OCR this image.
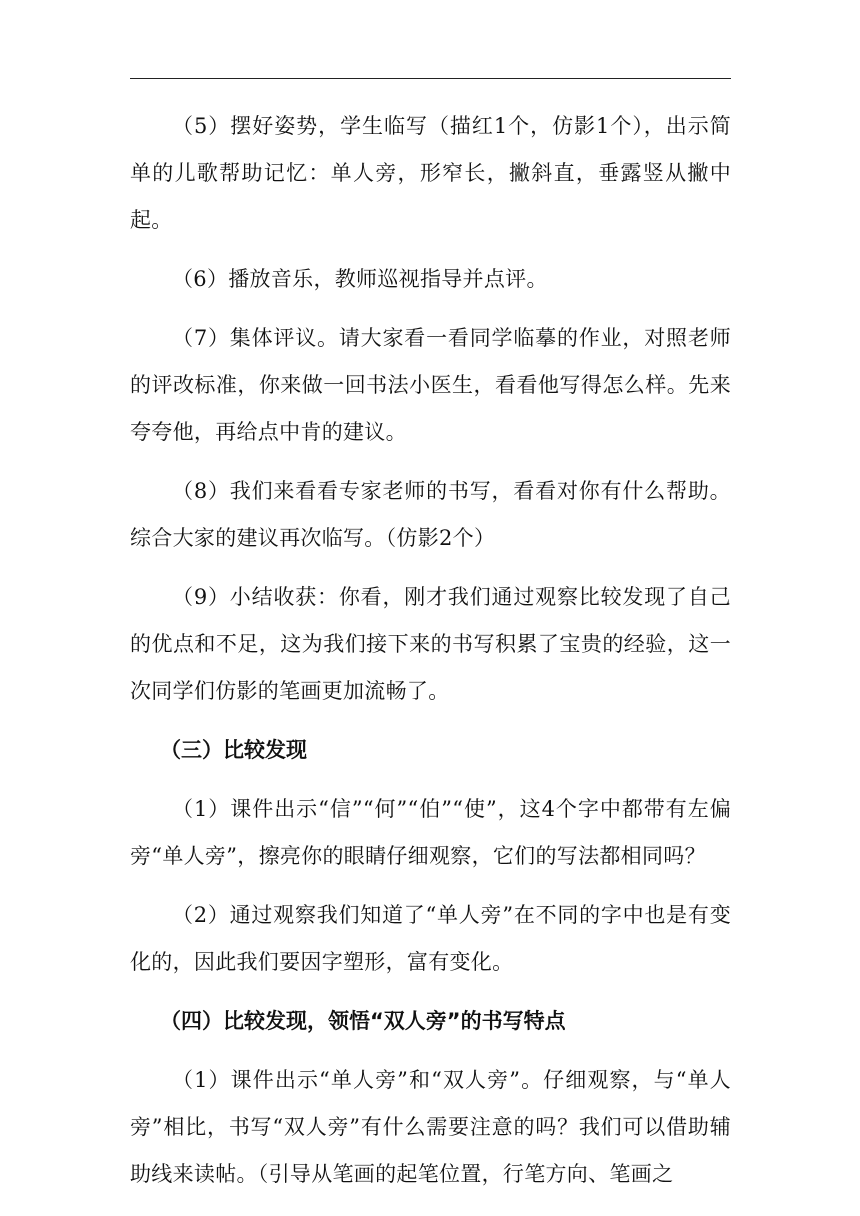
（5）摆好姿势，学生临写（描红1个，仿影1个），出示简单的儿歌帮助记忆：单人旁，形窄长，撇斜直，垂露竖从撇中起。

（6）播放音乐，教师巡视指导并点评。

（7）集体评议。请大家看一看同学临摹的作业，对照老师的评改标准，你来做一回书法小医生，看看他写得怎么样。先来夸夸他，再给点中肯的建议。

（8）我们来看看专家老师的书写，看看对你有什么帮助。综合大家的建议再次临写。（仿影2个）

（9）小结收获：你看，刚才我们通过观察比较发现了自己的优点和不足，这为我们接下来的书写积累了宝贵的经验，这一次同学们仿影的笔画更加流畅了。

（三）比较发现

（1）课件出示“信”“何”“伯”“使”，这4个字中都带有左偏旁“单人旁”，擦亮你的眼睛仔细观察，它们的写法都相同吗？

（2）通过观察我们知道了“单人旁”在不同的字中也是有变化的，因此我们要因字塑形，富有变化。

（四）比较发现，领悟“双人旁”的书写特点

（1）课件出示“单人旁”和“双人旁”。仔细观察，与“单人旁”相比，书写“双人旁”有什么需要注意的吗？我们可以借助辅助线来读帖。（引导从笔画的起笔位置，行笔方向、笔画之
